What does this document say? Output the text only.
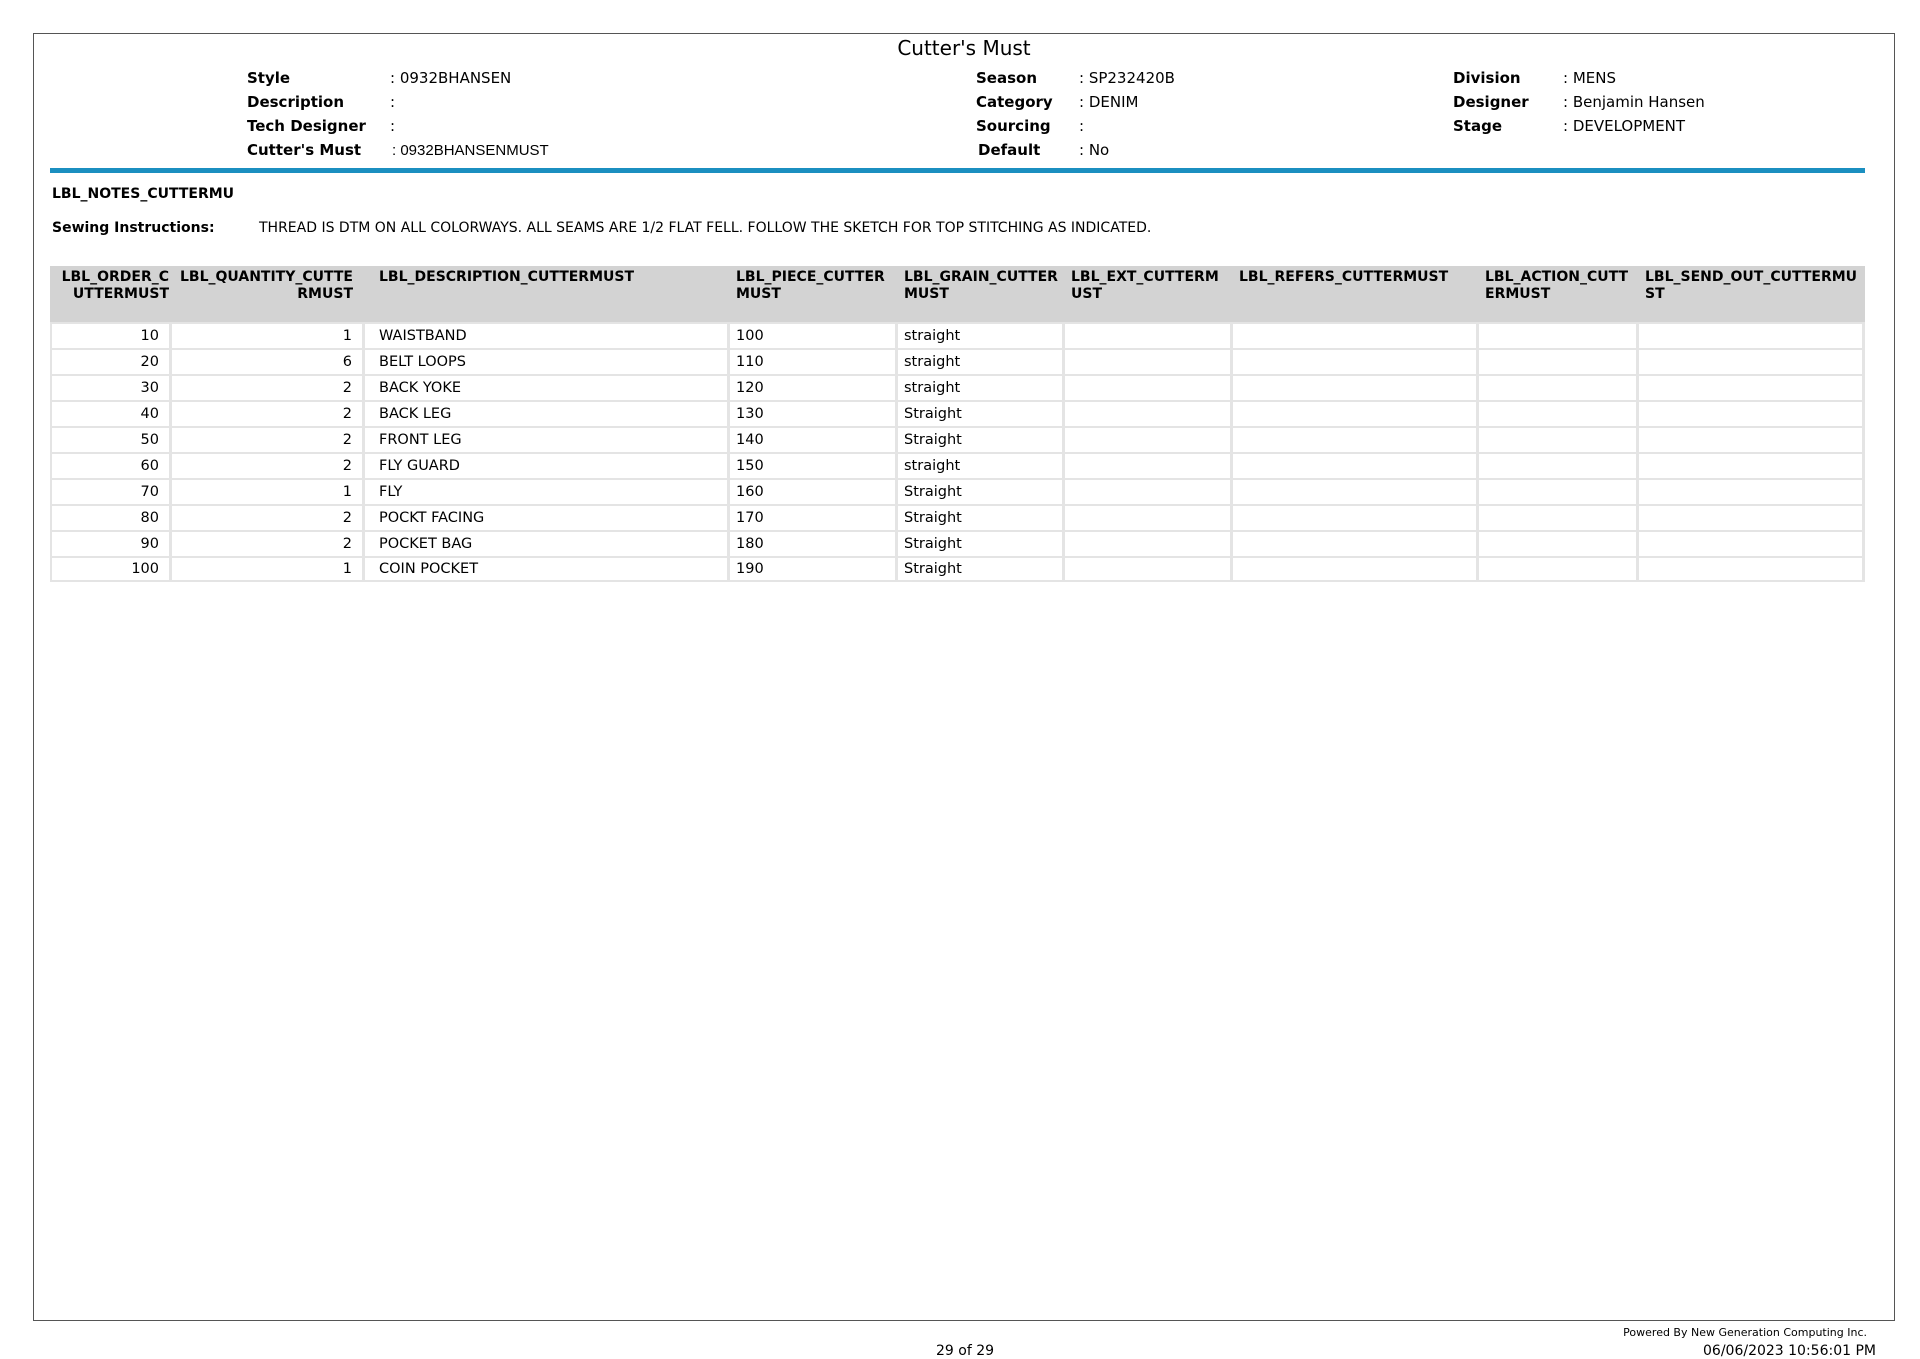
Cutter's Must
Style	: 0932BHANSEN
Description	:
Tech Designer :
Cutter's Must : 0932BHANSENMUST
Season	: SP232420B
Category : DENIM
Sourcing :
Default	: No
Division	: MENS
Designer : Benjamin Hansen
Stage	: DEVELOPMENT
LBL_NOTES_CUTTERMU
Sewing Instructions:	THREAD IS DTM ON ALL COLORWAYS. ALL SEAMS ARE 1/2 FLAT FELL. FOLLOW THE SKETCH FOR TOP STITCHING AS INDICATED.
LBL_ORDER_CUTTERMUST	LBL_QUANTITY_CUTTERMUST	LBL_DESCRIPTION_CUTTERMUST	LBL_PIECE_CUTTERMUST	LBL_GRAIN_CUTTERMUST	LBL_EXT_CUTTERMUST	LBL_REFERS_CUTTERMUST	LBL_ACTION_CUTTERMUST	LBL_SEND_OUT_CUTTERMUST
10	1	WAISTBAND	100	straight				
20	6	BELT LOOPS	110	straight				
30	2	BACK YOKE	120	straight				
40	2	BACK LEG	130	Straight				
50	2	FRONT LEG	140	Straight				
60	2	FLY GUARD	150	straight				
70	1	FLY	160	Straight				
80	2	POCKT FACING	170	Straight				
90	2	POCKET BAG	180	Straight				
100	1	COIN POCKET	190	Straight				
Powered By New Generation Computing Inc.
29 of 29	06/06/2023 10:56:01 PM
